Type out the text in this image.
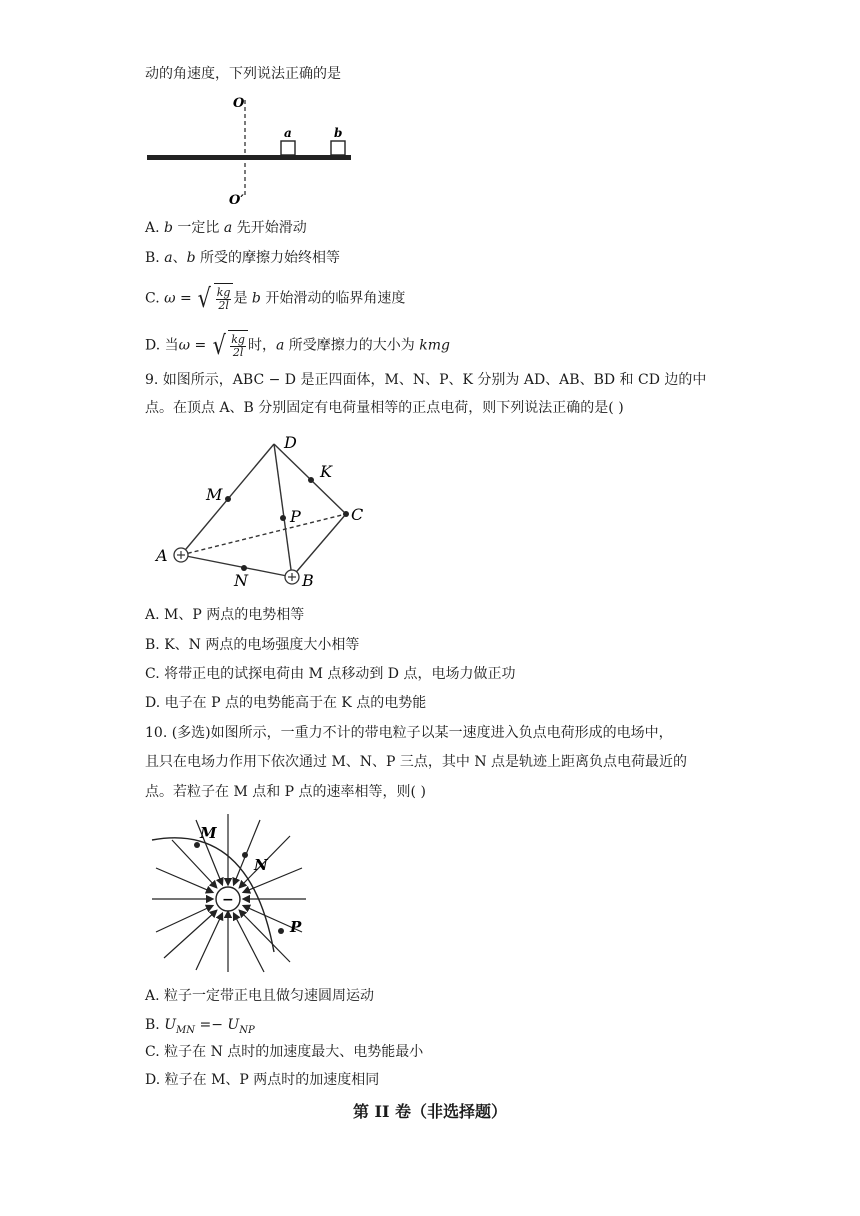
动的角速度，下列说法正确的是
O
O′
a	b
A. b 一定比 a 先开始滑动
B. a、b 所受的摩擦力始终相等
C. ω = √ $\frac{kg}{2l}$ 是 b 开始滑动的临界角速度
D. 当ω = √ $\frac{kg}{2l}$ 时，a 所受摩擦力的大小为 kmg
9. 如图所示，ABC − D 是正四面体，M、N、P、K 分别为 AD、AB、BD 和 CD 边的中
点。在顶点 A、B 分别固定有电荷量相等的正点电荷，则下列说法正确的是( )
D
K
M
P	C
A
N	B
A. M、P 两点的电势相等
B. K、N 两点的电场强度大小相等
C. 将带正电的试探电荷由 M 点移动到 D 点，电场力做正功
D. 电子在 P 点的电势能高于在 K 点的电势能
10. (多选)如图所示，一重力不计的带电粒子以某一速度进入负点电荷形成的电场中，
且只在电场力作用下依次通过 M、N、P 三点，其中 N 点是轨迹上距离负点电荷最近的
点。若粒子在 M 点和 P 点的速率相等，则( )
−
M
N
P
A. 粒子一定带正电且做匀速圆周运动
B. $U_{MN} =- U_{NP}$
C. 粒子在 N 点时的加速度最大、电势能最小
D. 粒子在 M、P 两点时的加速度相同
第 II 卷（非选择题）
